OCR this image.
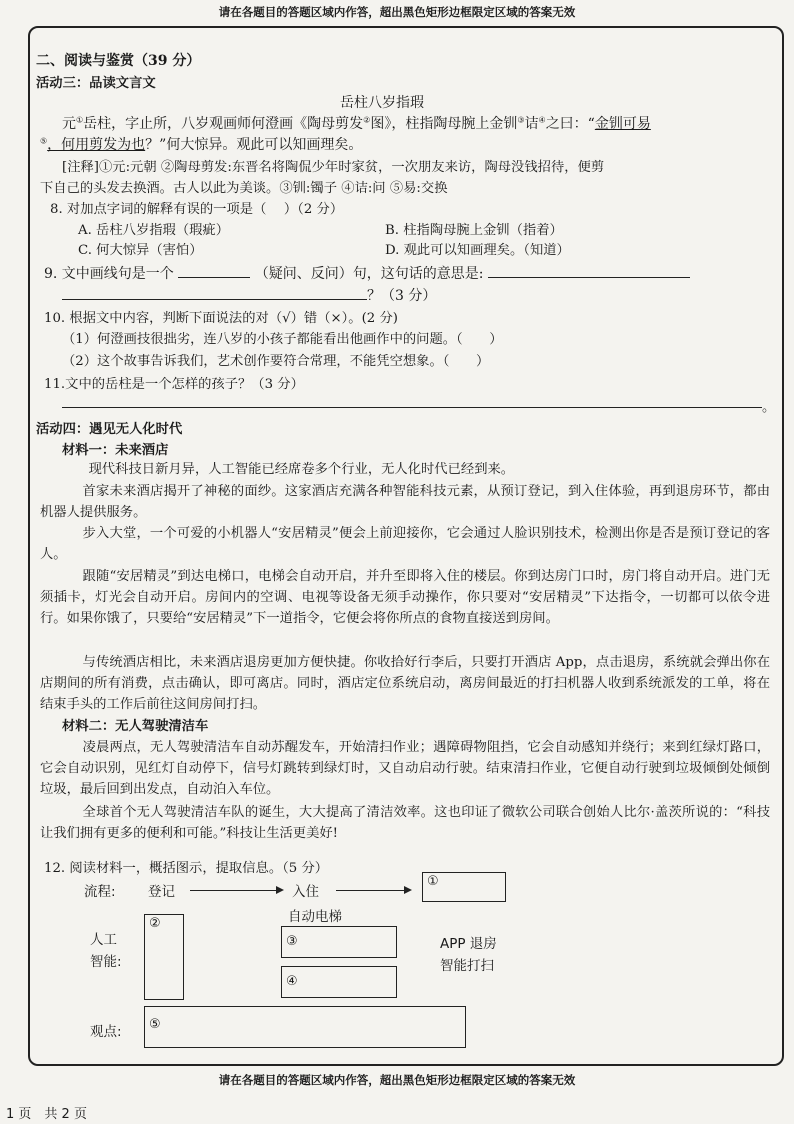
请在各题目的答题区域内作答，超出黑色矩形边框限定区域的答案无效
二、阅读与鉴赏（39 分）
活动三：品读文言文
岳柱八岁指瑕
元①岳柱，字止所，八岁观画师何澄画《陶母剪发②图》，柱指陶母腕上金钏③诘④之曰：“金钏可易
⑤，何用剪发为也？”何大惊异。观此可以知画理矣。
[注释]①元:元朝 ②陶母剪发:东晋名将陶侃少年时家贫，一次朋友来访，陶母没钱招待，便剪
下自己的头发去换酒。古人以此为美谈。③钏:镯子 ④诘:问 ⑤易:交换
8. 对加点字词的解释有误的一项是（　 ）（2 分）
A. 岳柱八岁指瑕（瑕疵）	B. 柱指陶母腕上金钏（指着）
C. 何大惊异（害怕）	D. 观此可以知画理矣。（知道）
9. 文中画线句是一个	（疑问、反问）句，这句话的意思是:
？（3 分）
10. 根据文中内容，判断下面说法的对（√）错（×）。(2 分)
（1）何澄画技很拙劣，连八岁的小孩子都能看出他画作中的问题。（　　）
（2）这个故事告诉我们，艺术创作要符合常理，不能凭空想象。（　　）
11.文中的岳柱是一个怎样的孩子？（3 分）
。
活动四：遇见无人化时代
材料一：未来酒店
现代科技日新月异，人工智能已经席卷多个行业，无人化时代已经到来。
首家未来酒店揭开了神秘的面纱。这家酒店充满各种智能科技元素，从预订登记，到入住体验，再到退房环节，都由机器人提供服务。
步入大堂，一个可爱的小机器人“安居精灵”便会上前迎接你，它会通过人脸识别技术，检测出你是否是预订登记的客人。
跟随“安居精灵”到达电梯口，电梯会自动开启，并升至即将入住的楼层。你到达房门口时，房门将自动开启。进门无须插卡，灯光会自动开启。房间内的空调、电视等设备无须手动操作，你只要对“安居精灵”下达指令，一切都可以依令进行。如果你饿了，只要给“安居精灵”下一道指令，它便会将你所点的食物直接送到房间。
与传统酒店相比，未来酒店退房更加方便快捷。你收拾好行李后，只要打开酒店 App，点击退房，系统就会弹出你在店期间的所有消费，点击确认，即可离店。同时，酒店定位系统启动，离房间最近的打扫机器人收到系统派发的工单，将在结束手头的工作后前往这间房间打扫。
材料二：无人驾驶清洁车
凌晨两点，无人驾驶清洁车自动苏醒发车，开始清扫作业；遇障碍物阻挡，它会自动感知并绕行；来到红绿灯路口，它会自动识别，见红灯自动停下，信号灯跳转到绿灯时，又自动启动行驶。结束清扫作业，它便自动行驶到垃圾倾倒处倾倒垃圾，最后回到出发点，自动泊入车位。
全球首个无人驾驶清洁车队的诞生，大大提高了清洁效率。这也印证了微软公司联合创始人比尔·盖茨所说的：“科技让我们拥有更多的便利和可能。”科技让生活更美好!
12. 阅读材料一，概括图示，提取信息。（5 分）
流程: 登记	入住
①
自动电梯
人工
智能:
②
③
④
APP 退房
智能打扫
观点:	⑤
请在各题目的答题区域内作答，超出黑色矩形边框限定区域的答案无效
1 页　共 2 页
